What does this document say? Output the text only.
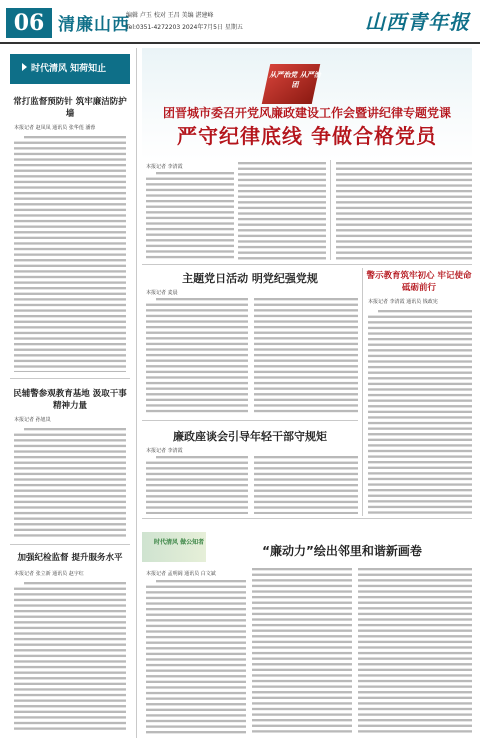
06 清廉山西
编辑 卢玉 校对 王昌 美编 湛建峰
Tel:0351-4272203 2024年7月5日 星期五	山西青年报
时代清风 知荷知止
常打监督预防针 筑牢廉洁防护墙
本报记者 赵凤凤 通讯员 张华莲 潘蓉
民辅警参观教育基地 汲取干事精神力量
本报记者 孙旭岚
加强纪检监督 提升服务水平
本报记者 张立新 通讯员 赵宇红
从严治党 从严治团
团晋城市委召开党风廉政建设工作会暨讲纪律专题党课
严守纪律底线 争做合格党员
本报记者 李清霞
主题党日活动 明党纪强党规
本报记者 麦晨
廉政座谈会引导年轻干部守规矩
本报记者 李清霞
警示教育筑牢初心 牢记使命砥砺前行
本报记者 李清霞 通讯员 钱政宪
时代清风 做公知者
“廉动力”绘出邻里和谐新画卷
本报记者 孟明阔 通讯员 白文斌
